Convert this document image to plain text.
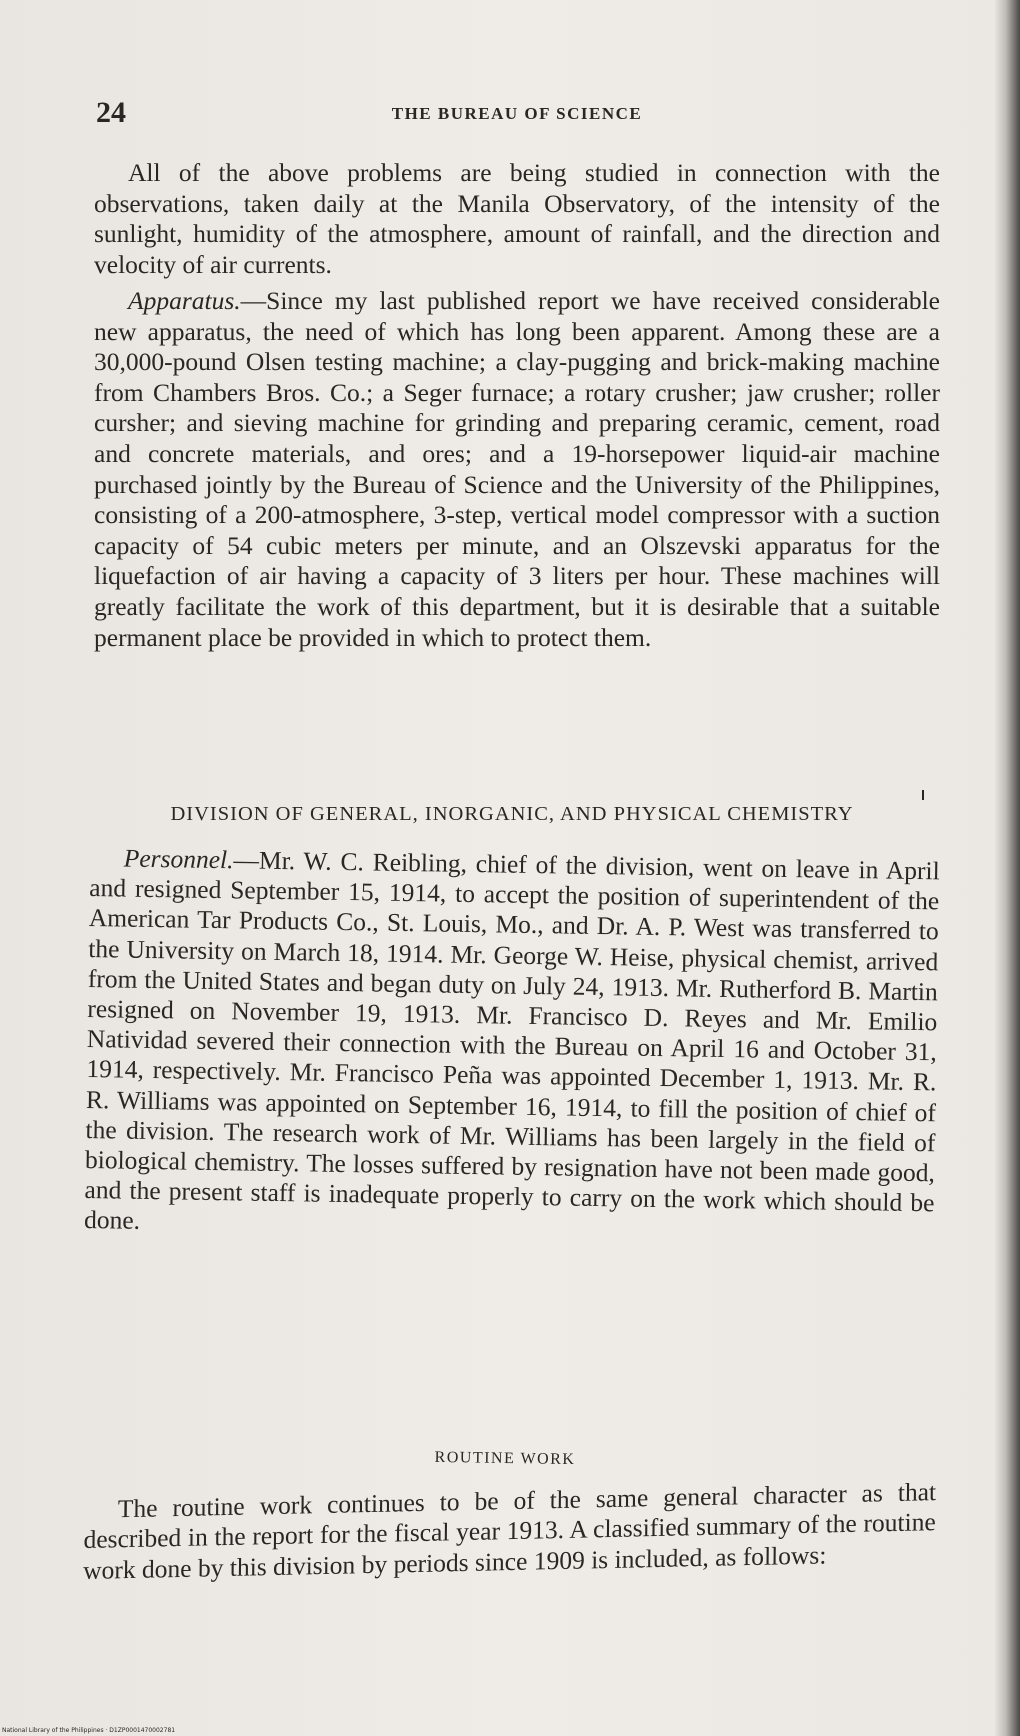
24	THE BUREAU OF SCIENCE

All of the above problems are being studied in connection with the observations, taken daily at the Manila Observatory, of the intensity of the sunlight, humidity of the atmosphere, amount of rainfall, and the direction and velocity of air currents.

Apparatus.—Since my last published report we have received considerable new apparatus, the need of which has long been apparent. Among these are a 30,000-pound Olsen testing machine; a clay-pugging and brick-making machine from Chambers Bros. Co.; a Seger furnace; a rotary crusher; jaw crusher; roller cursher; and sieving machine for grinding and preparing ceramic, cement, road and concrete materials, and ores; and a 19-horsepower liquid-air machine purchased jointly by the Bureau of Science and the University of the Philippines, consisting of a 200-atmosphere, 3-step, vertical model compressor with a suction capacity of 54 cubic meters per minute, and an Olszevski apparatus for the liquefaction of air having a capacity of 3 liters per hour. These machines will greatly facilitate the work of this department, but it is desirable that a suitable permanent place be provided in which to protect them.

DIVISION OF GENERAL, INORGANIC, AND PHYSICAL CHEMISTRY

Personnel.—Mr. W. C. Reibling, chief of the division, went on leave in April and resigned September 15, 1914, to accept the position of superintendent of the American Tar Products Co., St. Louis, Mo., and Dr. A. P. West was transferred to the University on March 18, 1914. Mr. George W. Heise, physical chemist, arrived from the United States and began duty on July 24, 1913. Mr. Rutherford B. Martin resigned on November 19, 1913. Mr. Francisco D. Reyes and Mr. Emilio Natividad severed their connection with the Bureau on April 16 and October 31, 1914, respectively. Mr. Francisco Peña was appointed December 1, 1913. Mr. R. R. Williams was appointed on September 16, 1914, to fill the position of chief of the division. The research work of Mr. Williams has been largely in the field of biological chemistry. The losses suffered by resignation have not been made good, and the present staff is inadequate properly to carry on the work which should be done.

ROUTINE WORK

The routine work continues to be of the same general character as that described in the report for the fiscal year 1913. A classified summary of the routine work done by this division by periods since 1909 is included, as follows:

National Library of the Philippines · D1ZP0001470002781
